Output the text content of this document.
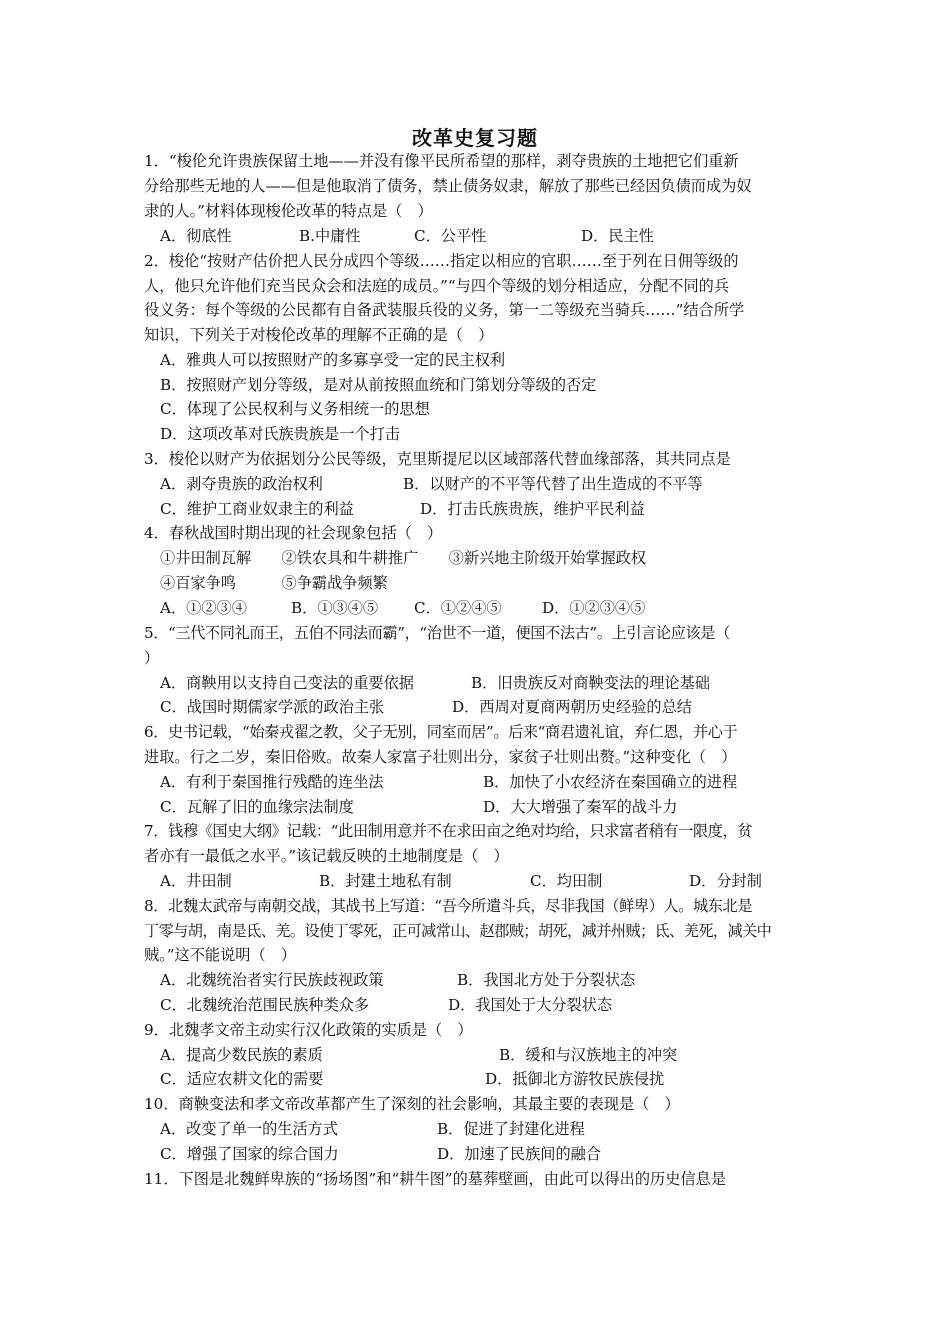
改革史复习题
1．“梭伦允许贵族保留土地——并没有像平民所希望的那样，剥夺贵族的土地把它们重新
分给那些无地的人——但是他取消了债务，禁止债务奴隶，解放了那些已经因负债而成为奴
隶的人。”材料体现梭伦改革的特点是（　）
A．彻底性	B.中庸性	C．公平性	D．民主性
2．梭伦“按财产估价把人民分成四个等级……指定以相应的官职……至于列在日佣等级的
人，他只允许他们充当民众会和法庭的成员。”“与四个等级的划分相适应，分配不同的兵
役义务：每个等级的公民都有自备武装服兵役的义务，第一二等级充当骑兵……”结合所学
知识，下列关于对梭伦改革的理解不正确的是（　）
A．雅典人可以按照财产的多寡享受一定的民主权利
B．按照财产划分等级，是对从前按照血统和门第划分等级的否定
C．体现了公民权利与义务相统一的思想
D．这项改革对氏族贵族是一个打击
3．梭伦以财产为依据划分公民等级，克里斯提尼以区域部落代替血缘部落，其共同点是
A．剥夺贵族的政治权利	B．以财产的不平等代替了出生造成的不平等
C．维护工商业奴隶主的利益	D．打击氏族贵族，维护平民利益
4．春秋战国时期出现的社会现象包括（　）
①井田制瓦解　　②铁农具和牛耕推广　　③新兴地主阶级开始掌握政权
④百家争鸣　　　⑤争霸战争频繁
A．①②③④	B．①③④⑤ C．①②④⑤	D．①②③④⑤
5．“三代不同礼而王，五伯不同法而霸”，“治世不一道，便国不法古”。上引言论应该是（
）
A．商鞅用以支持自己变法的重要依据	B．旧贵族反对商鞅变法的理论基础
C．战国时期儒家学派的政治主张	D．西周对夏商两朝历史经验的总结
6．史书记载，“始秦戎翟之教，父子无别，同室而居”。后来“商君遗礼谊，弃仁恩，并心于
进取。行之二岁，秦旧俗败。故秦人家富子壮则出分，家贫子壮则出赘。”这种变化（　）
A．有利于秦国推行残酷的连坐法	B．加快了小农经济在秦国确立的进程
C．瓦解了旧的血缘宗法制度	D．大大增强了秦军的战斗力
7．钱穆《国史大纲》记载：“此田制用意并不在求田亩之绝对均给，只求富者稍有一限度，贫
者亦有一最低之水平。”该记载反映的土地制度是（　）
A．井田制	B．封建土地私有制	C．均田制	D．分封制
8．北魏太武帝与南朝交战，其战书上写道：“吾今所遣斗兵，尽非我国（鲜卑）人。城东北是
丁零与胡，南是氐、羌。设使丁零死，正可减常山、赵郡贼；胡死，减并州贼；氐、羌死，减关中
贼。”这不能说明（　）
A．北魏统治者实行民族歧视政策	B．我国北方处于分裂状态
C．北魏统治范围民族种类众多	D．我国处于大分裂状态
9．北魏孝文帝主动实行汉化政策的实质是（　）
A．提高少数民族的素质	B．缓和与汉族地主的冲突
C．适应农耕文化的需要	D．抵御北方游牧民族侵扰
10．商鞅变法和孝文帝改革都产生了深刻的社会影响，其最主要的表现是（　）
A．改变了单一的生活方式	B．促进了封建化进程
C．增强了国家的综合国力	D．加速了民族间的融合
11．下图是北魏鲜卑族的“扬场图”和“耕牛图”的墓葬壁画，由此可以得出的历史信息是
